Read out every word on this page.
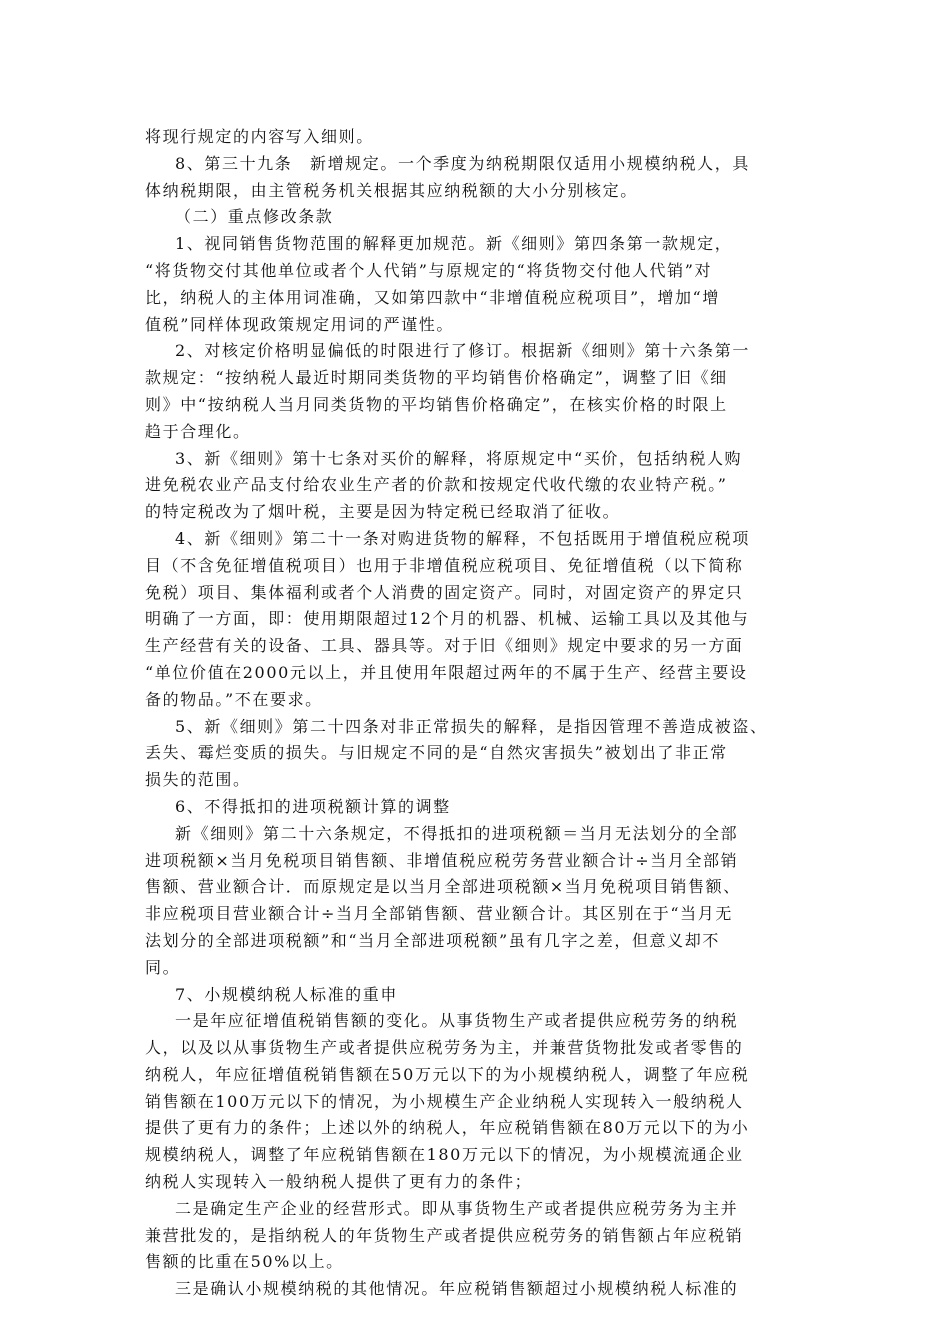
将现行规定的内容写入细则。
8、第三十九条　新增规定。一个季度为纳税期限仅适用小规模纳税人，具
体纳税期限，由主管税务机关根据其应纳税额的大小分别核定。
（二）重点修改条款
1、视同销售货物范围的解释更加规范。新《细则》第四条第一款规定，
“将货物交付其他单位或者个人代销”与原规定的“将货物交付他人代销”对
比，纳税人的主体用词准确，又如第四款中“非增值税应税项目”，增加“增
值税”同样体现政策规定用词的严谨性。
2、对核定价格明显偏低的时限进行了修订。根据新《细则》第十六条第一
款规定：“按纳税人最近时期同类货物的平均销售价格确定”，调整了旧《细
则》中“按纳税人当月同类货物的平均销售价格确定”，在核实价格的时限上
趋于合理化。
3、新《细则》第十七条对买价的解释，将原规定中“买价，包括纳税人购
进免税农业产品支付给农业生产者的价款和按规定代收代缴的农业特产税。”
的特定税改为了烟叶税，主要是因为特定税已经取消了征收。
4、新《细则》第二十一条对购进货物的解释，不包括既用于增值税应税项
目（不含免征增值税项目）也用于非增值税应税项目、免征增值税（以下简称
免税）项目、集体福利或者个人消费的固定资产。同时，对固定资产的界定只
明确了一方面，即：使用期限超过12个月的机器、机械、运输工具以及其他与
生产经营有关的设备、工具、器具等。对于旧《细则》规定中要求的另一方面
“单位价值在2000元以上，并且使用年限超过两年的不属于生产、经营主要设
备的物品。”不在要求。
5、新《细则》第二十四条对非正常损失的解释，是指因管理不善造成被盗、
丢失、霉烂变质的损失。与旧规定不同的是“自然灾害损失”被划出了非正常
损失的范围。
6、不得抵扣的进项税额计算的调整
新《细则》第二十六条规定，不得抵扣的进项税额＝当月无法划分的全部
进项税额×当月免税项目销售额、非增值税应税劳务营业额合计÷当月全部销
售额、营业额合计．而原规定是以当月全部进项税额×当月免税项目销售额、
非应税项目营业额合计÷当月全部销售额、营业额合计。其区别在于“当月无
法划分的全部进项税额”和“当月全部进项税额”虽有几字之差，但意义却不
同。
7、小规模纳税人标准的重申
一是年应征增值税销售额的变化。从事货物生产或者提供应税劳务的纳税
人，以及以从事货物生产或者提供应税劳务为主，并兼营货物批发或者零售的
纳税人，年应征增值税销售额在50万元以下的为小规模纳税人，调整了年应税
销售额在100万元以下的情况，为小规模生产企业纳税人实现转入一般纳税人
提供了更有力的条件；上述以外的纳税人，年应税销售额在80万元以下的为小
规模纳税人，调整了年应税销售额在180万元以下的情况，为小规模流通企业
纳税人实现转入一般纳税人提供了更有力的条件；
二是确定生产企业的经营形式。即从事货物生产或者提供应税劳务为主并
兼营批发的，是指纳税人的年货物生产或者提供应税劳务的销售额占年应税销
售额的比重在50%以上。
三是确认小规模纳税的其他情况。年应税销售额超过小规模纳税人标准的
